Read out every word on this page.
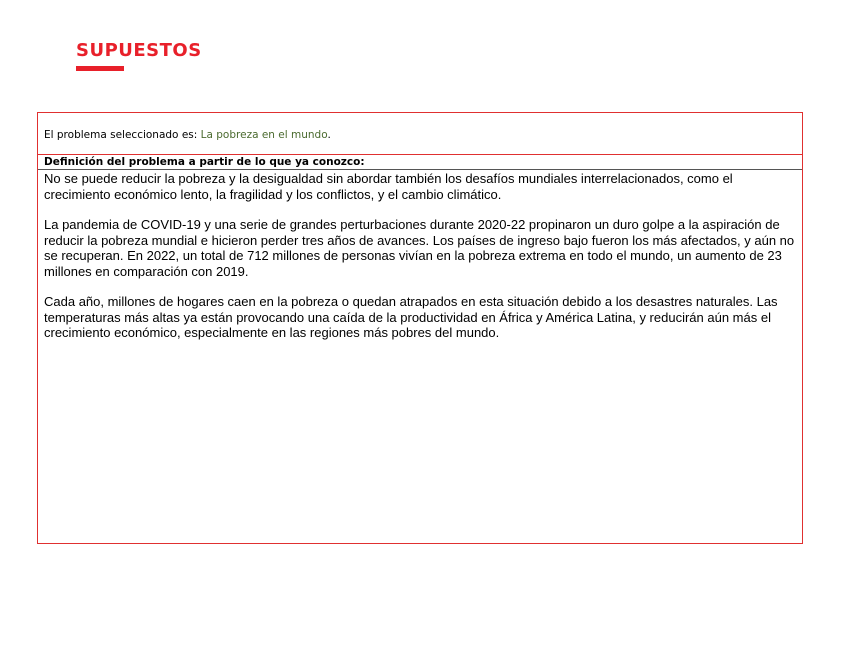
SUPUESTOS
El problema seleccionado es: La pobreza en el mundo.
Definición del problema a partir de lo que ya conozco:

No se puede reducir la pobreza y la desigualdad sin abordar también los desafíos mundiales interrelacionados, como el crecimiento económico lento, la fragilidad y los conflictos, y el cambio climático.

La pandemia de COVID-19 y una serie de grandes perturbaciones durante 2020-22 propinaron un duro golpe a la aspiración de reducir la pobreza mundial e hicieron perder tres años de avances. Los países de ingreso bajo fueron los más afectados, y aún no se recuperan. En 2022, un total de 712 millones de personas vivían en la pobreza extrema en todo el mundo, un aumento de 23 millones en comparación con 2019.

Cada año, millones de hogares caen en la pobreza o quedan atrapados en esta situación debido a los desastres naturales. Las temperaturas más altas ya están provocando una caída de la productividad en África y América Latina, y reducirán aún más el crecimiento económico, especialmente en las regiones más pobres del mundo.
